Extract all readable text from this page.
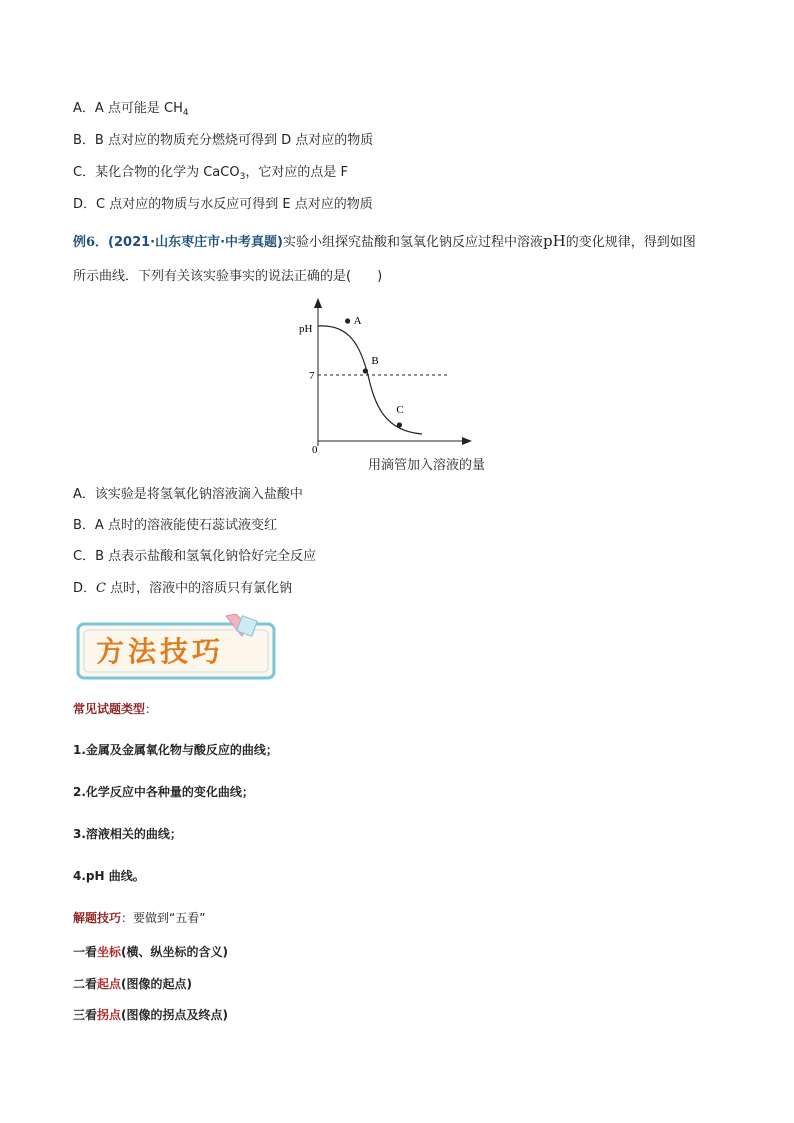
A．A 点可能是 $CH_4$
B．B 点对应的物质充分燃烧可得到 D 点对应的物质
C．某化合物的化学为 CaCO$_3$，它对应的点是 F
D．C 点对应的物质与水反应可得到 E 点对应的物质
例6．(2021·山东枣庄市·中考真题)实验小组探究盐酸和氢氧化钠反应过程中溶液pH的变化规律，得到如图
所示曲线．下列有关该实验事实的说法正确的是(　　)
pH
7
0
A
B
C
用滴管加入溶液的量
A．该实验是将氢氧化钠溶液滴入盐酸中
B．A 点时的溶液能使石蕊试液变红
C．B 点表示盐酸和氢氧化钠恰好完全反应
D．C 点时，溶液中的溶质只有氯化钠
方法技巧
常见试题类型：
1.金属及金属氧化物与酸反应的曲线；
2.化学反应中各种量的变化曲线；
3.溶液相关的曲线；
4.pH 曲线。
解题技巧：要做到“五看”
一看坐标(横、纵坐标的含义)
二看起点(图像的起点)
三看拐点(图像的拐点及终点)
